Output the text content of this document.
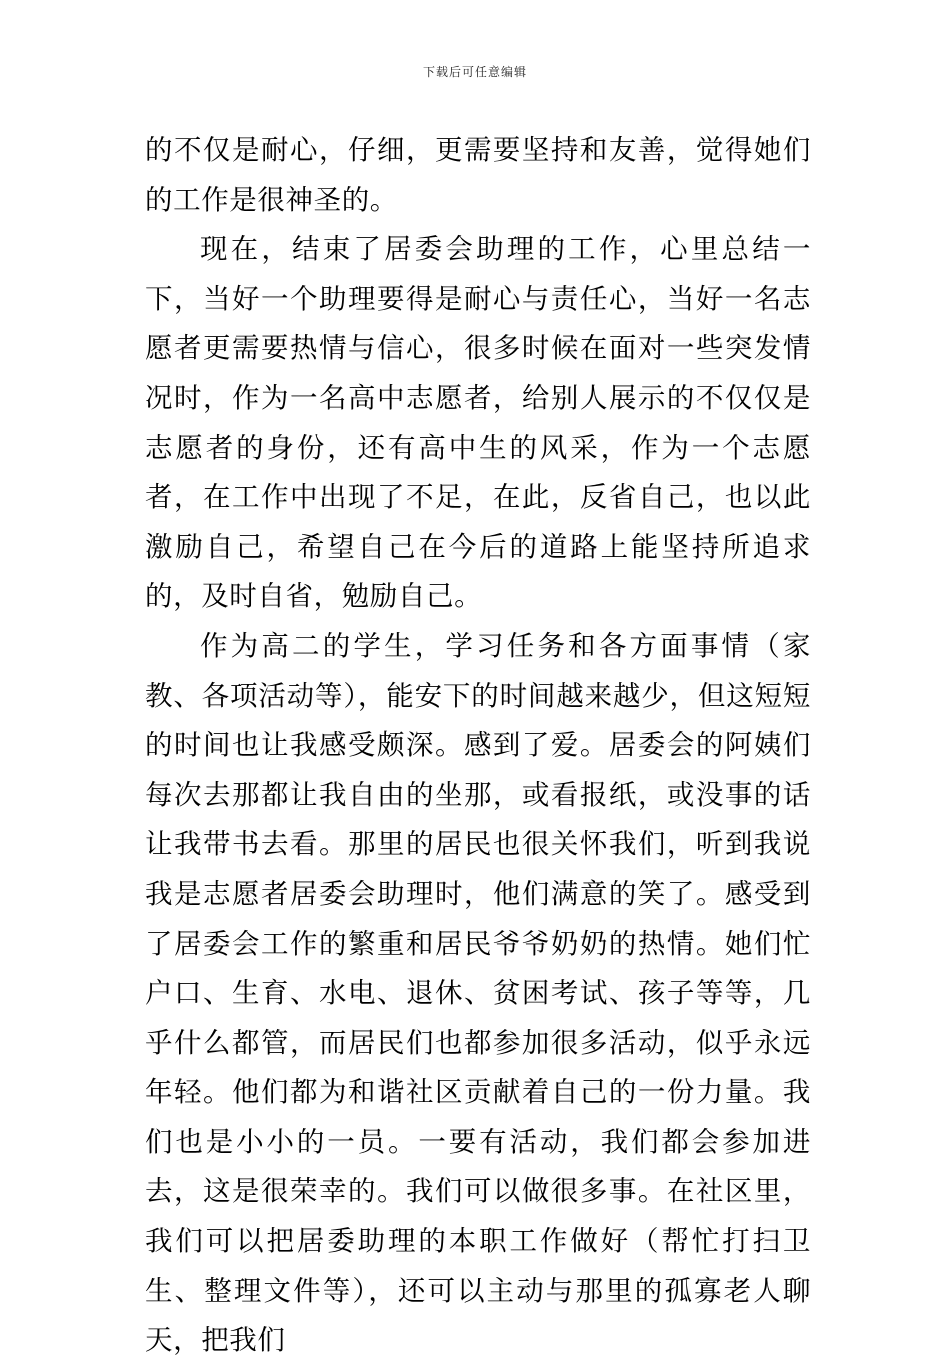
下载后可任意编辑

的不仅是耐心，仔细，更需要坚持和友善，觉得她们的工作是很神圣的。

现在，结束了居委会助理的工作，心里总结一下，当好一个助理要得是耐心与责任心，当好一名志愿者更需要热情与信心，很多时候在面对一些突发情况时，作为一名高中志愿者，给别人展示的不仅仅是志愿者的身份，还有高中生的风采，作为一个志愿者，在工作中出现了不足，在此，反省自己，也以此激励自己，希望自己在今后的道路上能坚持所追求的，及时自省，勉励自己。

作为高二的学生，学习任务和各方面事情（家教、各项活动等），能安下的时间越来越少，但这短短的时间也让我感受颇深。感到了爱。居委会的阿姨们每次去那都让我自由的坐那，或看报纸，或没事的话让我带书去看。那里的居民也很关怀我们，听到我说我是志愿者居委会助理时，他们满意的笑了。感受到了居委会工作的繁重和居民爷爷奶奶的热情。她们忙户口、生育、水电、退休、贫困考试、孩子等等，几乎什么都管，而居民们也都参加很多活动，似乎永远年轻。他们都为和谐社区贡献着自己的一份力量。我们也是小小的一员。一要有活动，我们都会参加进去，这是很荣幸的。我们可以做很多事。在社区里，我们可以把居委助理的本职工作做好（帮忙打扫卫生、整理文件等），还可以主动与那里的孤寡老人聊天，把我们
